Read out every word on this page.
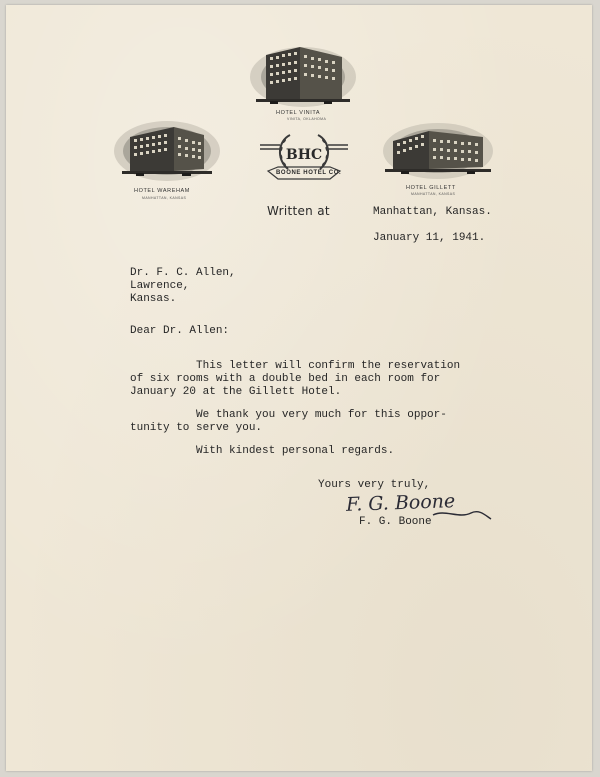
HOTEL WAREHAM
MANHATTAN, KANSAS
HOTEL VINITA
VINITA, OKLAHOMA
BHC
BOONE HOTEL CO.
HOTEL GILLETT
MANHATTAN, KANSAS
Written at	Manhattan, Kansas.
January 11, 1941.
Dr. F. C. Allen,
Lawrence,
Kansas.
Dear Dr. Allen:
This letter will confirm the reservation
of six rooms with a double bed in each room for
January 20 at the Gillett Hotel.
We thank you very much for this oppor-
tunity to serve you.
With kindest personal regards.
Yours very truly,
F. G. Boone
F. G. Boone
